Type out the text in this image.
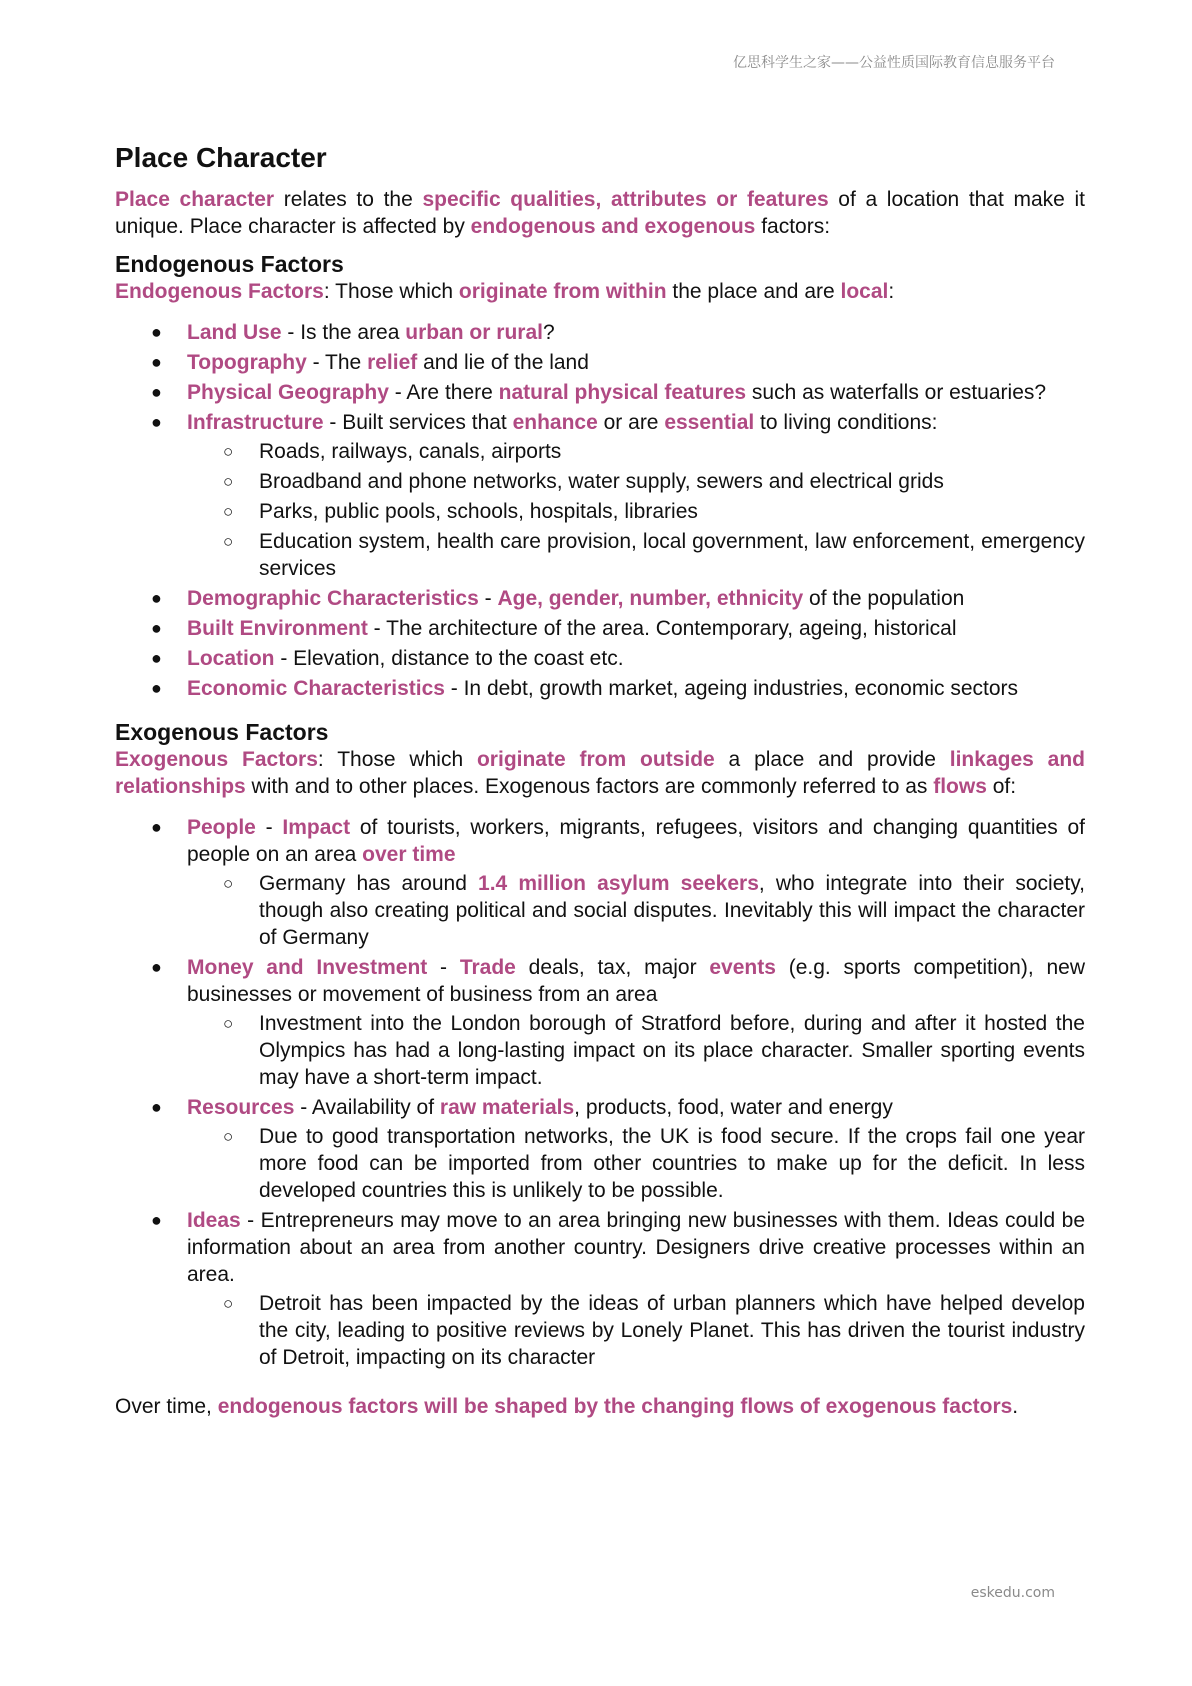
亿思科学生之家——公益性质国际教育信息服务平台
Place Character

Place character relates to the specific qualities, attributes or features of a location that make it unique. Place character is affected by endogenous and exogenous factors:

Endogenous Factors

Endogenous Factors: Those which originate from within the place and are local:

● Land Use - Is the area urban or rural?
● Topography - The relief and lie of the land
● Physical Geography - Are there natural physical features such as waterfalls or estuaries?
● Infrastructure - Built services that enhance or are essential to living conditions:
○ Roads, railways, canals, airports
○ Broadband and phone networks, water supply, sewers and electrical grids
○ Parks, public pools, schools, hospitals, libraries
○ Education system, health care provision, local government, law enforcement, emergency services
● Demographic Characteristics - Age, gender, number, ethnicity of the population
● Built Environment - The architecture of the area. Contemporary, ageing, historical
● Location - Elevation, distance to the coast etc.
● Economic Characteristics - In debt, growth market, ageing industries, economic sectors
Exogenous Factors

Exogenous Factors: Those which originate from outside a place and provide linkages and relationships with and to other places. Exogenous factors are commonly referred to as flows of:

● People - Impact of tourists, workers, migrants, refugees, visitors and changing quantities of people on an area over time
○ Germany has around 1.4 million asylum seekers, who integrate into their society, though also creating political and social disputes. Inevitably this will impact the character of Germany
● Money and Investment - Trade deals, tax, major events (e.g. sports competition), new businesses or movement of business from an area
○ Investment into the London borough of Stratford before, during and after it hosted the Olympics has had a long-lasting impact on its place character. Smaller sporting events may have a short-term impact.
● Resources - Availability of raw materials, products, food, water and energy
○ Due to good transportation networks, the UK is food secure. If the crops fail one year more food can be imported from other countries to make up for the deficit. In less developed countries this is unlikely to be possible.
● Ideas - Entrepreneurs may move to an area bringing new businesses with them. Ideas could be information about an area from another country. Designers drive creative processes within an area.
○ Detroit has been impacted by the ideas of urban planners which have helped develop the city, leading to positive reviews by Lonely Planet. This has driven the tourist industry of Detroit, impacting on its character

Over time, endogenous factors will be shaped by the changing flows of exogenous factors.

eskedu.com
